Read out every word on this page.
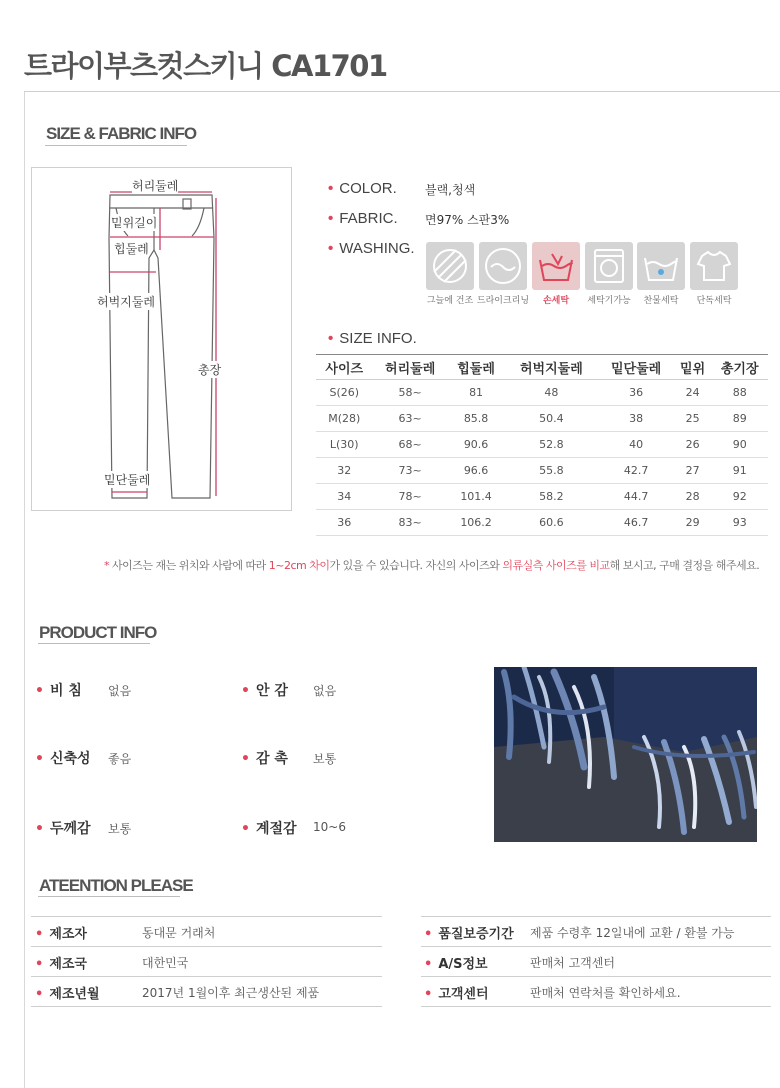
트라이부츠컷스키니 CA1701
SIZE & FABRIC INFO
허리둘레
밑위길이
힙둘레
허벅지둘레
총장
밑단둘레
• COLOR. 블랙,청색
• FABRIC. 면97% 스판3%
• WASHING.
그늘에 건조 드라이크리닝	손세탁	세탁기가능	찬물세탁	단독세탁
• SIZE INFO.
사이즈	허리둘레	힙둘레	허벅지둘레	밑단둘레	밑위	총기장
S(26)	58~	81	48	36	24	88
M(28)	63~	85.8	50.4	38	25	89
L(30)	68~	90.6	52.8	40	26	90
32	73~	96.6	55.8	42.7	27	91
34	78~	101.4	58.2	44.7	28	92
36	83~	106.2	60.6	46.7	29	93
* 사이즈는 재는 위치와 사람에 따라 1~2cm 차이가 있을 수 있습니다. 자신의 사이즈와 의류실측 사이즈를 비교해 보시고, 구매 결정을 해주세요.
PRODUCT INFO
• 비 침 없음	• 안 감 없음
• 신축성 좋음	• 감 촉 보통
• 두께감 보통	• 계절감 10~6
ATEENTION PLEASE
• 제조자	동대문 거래처
• 제조국	대한민국
• 제조년월	2017년 1월이후 최근생산된 제품
• 품질보증기간 제품 수령후 12일내에 교환 / 환불 가능
• A/S정보	판매처 고객센터
• 고객센터	판매처 연락처를 확인하세요.
